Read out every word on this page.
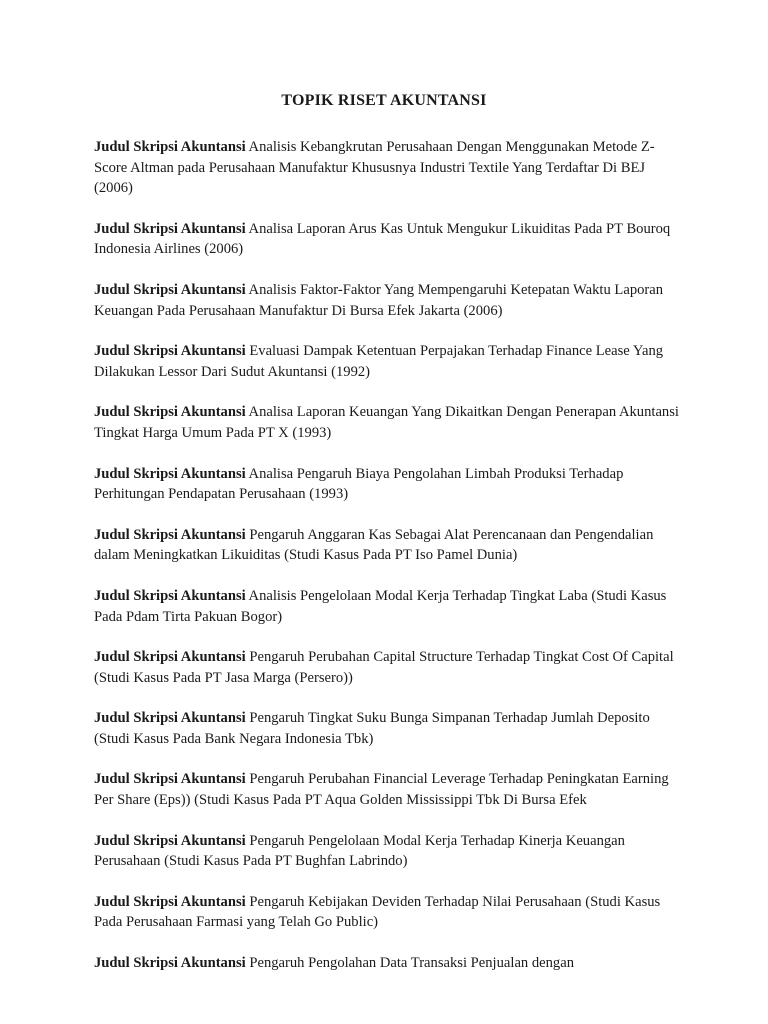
TOPIK RISET AKUNTANSI

Judul Skripsi Akuntansi Analisis Kebangkrutan Perusahaan Dengan Menggunakan Metode Z-Score Altman pada Perusahaan Manufaktur Khususnya Industri Textile Yang Terdaftar Di BEJ (2006)

Judul Skripsi Akuntansi Analisa Laporan Arus Kas Untuk Mengukur Likuiditas Pada PT Bouroq Indonesia Airlines (2006)

Judul Skripsi Akuntansi Analisis Faktor-Faktor Yang Mempengaruhi Ketepatan Waktu Laporan Keuangan Pada Perusahaan Manufaktur Di Bursa Efek Jakarta (2006)

Judul Skripsi Akuntansi Evaluasi Dampak Ketentuan Perpajakan Terhadap Finance Lease Yang Dilakukan Lessor Dari Sudut Akuntansi (1992)

Judul Skripsi Akuntansi Analisa Laporan Keuangan Yang Dikaitkan Dengan Penerapan Akuntansi Tingkat Harga Umum Pada PT X (1993)

Judul Skripsi Akuntansi Analisa Pengaruh Biaya Pengolahan Limbah Produksi Terhadap Perhitungan Pendapatan Perusahaan (1993)

Judul Skripsi Akuntansi Pengaruh Anggaran Kas Sebagai Alat Perencanaan dan Pengendalian dalam Meningkatkan Likuiditas (Studi Kasus Pada PT Iso Pamel Dunia)

Judul Skripsi Akuntansi Analisis Pengelolaan Modal Kerja Terhadap Tingkat Laba (Studi Kasus Pada Pdam Tirta Pakuan Bogor)

Judul Skripsi Akuntansi Pengaruh Perubahan Capital Structure Terhadap Tingkat Cost Of Capital (Studi Kasus Pada PT Jasa Marga (Persero))

Judul Skripsi Akuntansi Pengaruh Tingkat Suku Bunga Simpanan Terhadap Jumlah Deposito (Studi Kasus Pada Bank Negara Indonesia Tbk)

Judul Skripsi Akuntansi Pengaruh Perubahan Financial Leverage Terhadap Peningkatan Earning Per Share (Eps)) (Studi Kasus Pada PT Aqua Golden Mississippi Tbk Di Bursa Efek

Judul Skripsi Akuntansi Pengaruh Pengelolaan Modal Kerja Terhadap Kinerja Keuangan Perusahaan (Studi Kasus Pada PT Bughfan Labrindo)

Judul Skripsi Akuntansi Pengaruh Kebijakan Deviden Terhadap Nilai Perusahaan (Studi Kasus Pada Perusahaan Farmasi yang Telah Go Public)

Judul Skripsi Akuntansi Pengaruh Pengolahan Data Transaksi Penjualan dengan
